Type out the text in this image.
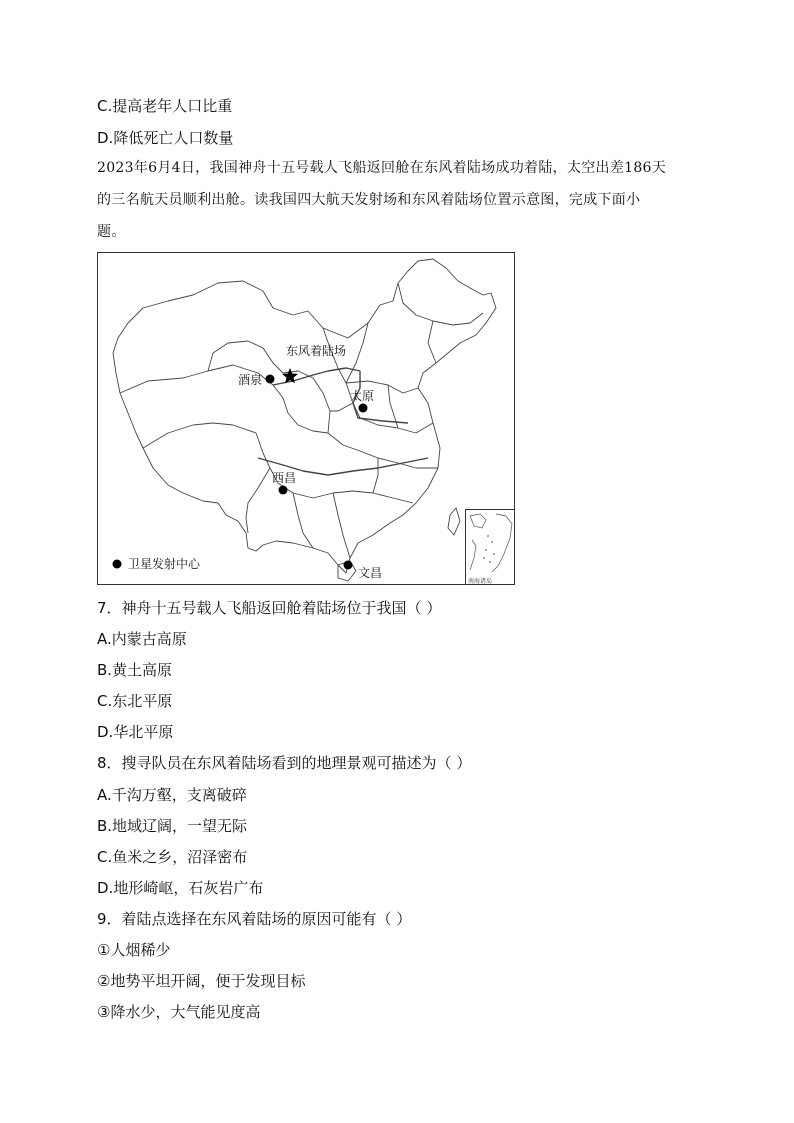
C.提高老年人口比重
D.降低死亡人口数量
2023年6月4日，我国神舟十五号载人飞船返回舱在东风着陆场成功着陆，太空出差186天
的三名航天员顺利出舱。读我国四大航天发射场和东风着陆场位置示意图，完成下面小
题。
南海诸岛
东风着陆场
酒泉
太原
西昌
文昌
卫星发射中心
7．神舟十五号载人飞船返回舱着陆场位于我国（ ）
A.内蒙古高原
B.黄土高原
C.东北平原
D.华北平原
8．搜寻队员在东风着陆场看到的地理景观可描述为（ ）
A.千沟万壑，支离破碎
B.地域辽阔，一望无际
C.鱼米之乡，沼泽密布
D.地形崎岖，石灰岩广布
9．着陆点选择在东风着陆场的原因可能有（ ）
①人烟稀少
②地势平坦开阔，便于发现目标
③降水少，大气能见度高
